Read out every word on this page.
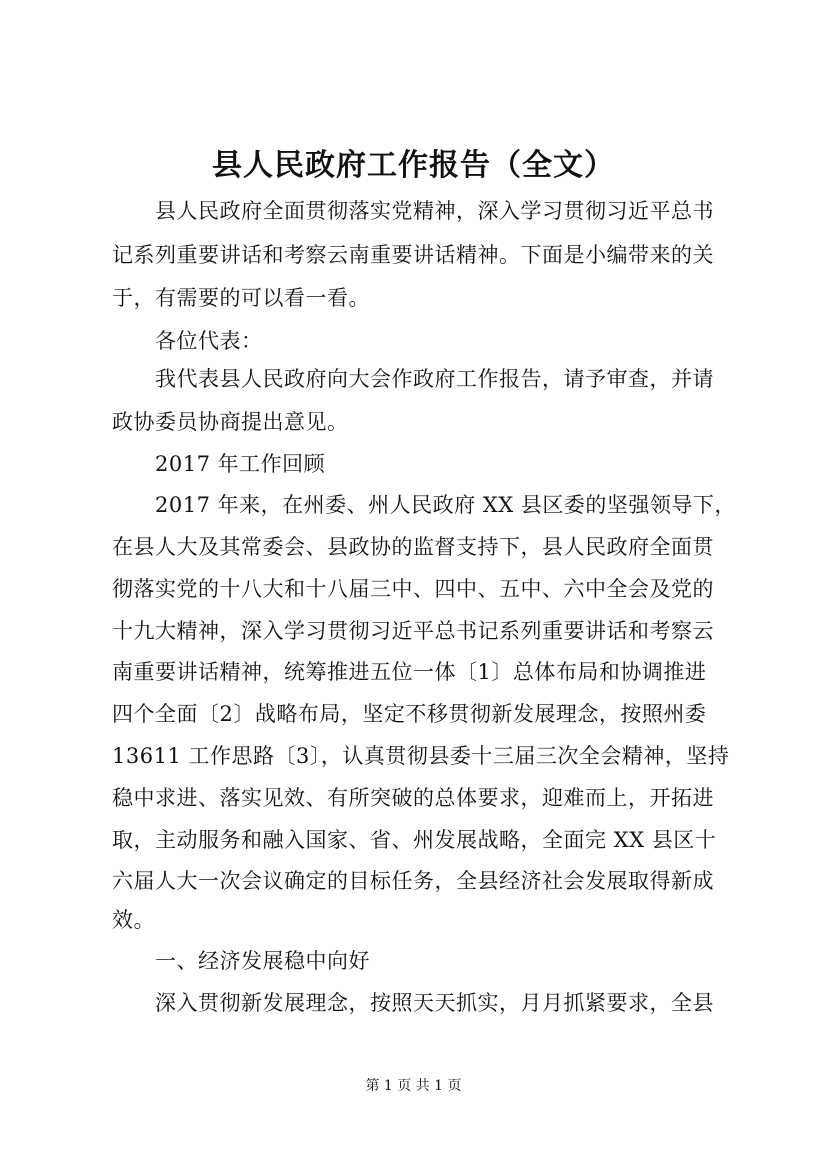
县人民政府工作报告（全文）
县人民政府全面贯彻落实党精神，深入学习贯彻习近平总书
记系列重要讲话和考察云南重要讲话精神。下面是小编带来的关
于，有需要的可以看一看。
各位代表：
我代表县人民政府向大会作政府工作报告，请予审查，并请
政协委员协商提出意见。
2017 年工作回顾
2017 年来，在州委、州人民政府 XX 县区委的坚强领导下，
在县人大及其常委会、县政协的监督支持下，县人民政府全面贯
彻落实党的十八大和十八届三中、四中、五中、六中全会及党的
十九大精神，深入学习贯彻习近平总书记系列重要讲话和考察云
南重要讲话精神，统筹推进五位一体〔1〕总体布局和协调推进
四个全面〔2〕战略布局，坚定不移贯彻新发展理念，按照州委
13611 工作思路〔3〕，认真贯彻县委十三届三次全会精神，坚持
稳中求进、落实见效、有所突破的总体要求，迎难而上，开拓进
取，主动服务和融入国家、省、州发展战略，全面完 XX 县区十
六届人大一次会议确定的目标任务，全县经济社会发展取得新成
效。
一、经济发展稳中向好
深入贯彻新发展理念，按照天天抓实，月月抓紧要求，全县
第 1 页 共 1 页
